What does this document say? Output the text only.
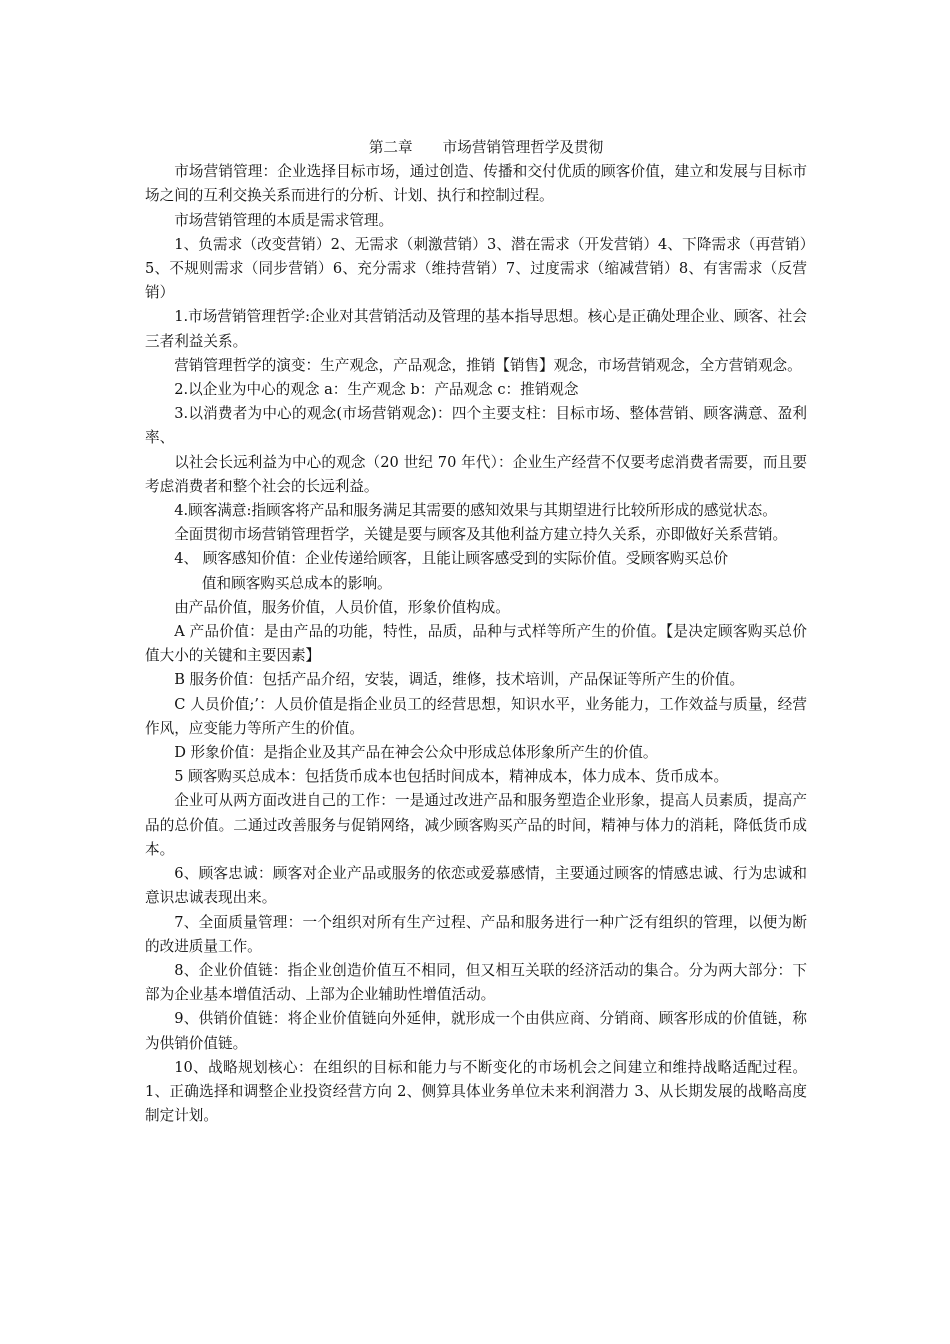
第二章 市场营销管理哲学及贯彻

市场营销管理：企业选择目标市场，通过创造、传播和交付优质的顾客价值，建立和发展与目标市场之间的互利交换关系而进行的分析、计划、执行和控制过程。

市场营销管理的本质是需求管理。

1、负需求（改变营销）2、无需求（刺激营销）3、潜在需求（开发营销）4、下降需求（再营销）5、不规则需求（同步营销）6、充分需求（维持营销）7、过度需求（缩减营销）8、有害需求（反营销）

1.市场营销管理哲学:企业对其营销活动及管理的基本指导思想。核心是正确处理企业、顾客、社会三者利益关系。

营销管理哲学的演变：生产观念，产品观念，推销【销售】观念，市场营销观念，全方营销观念。

2.以企业为中心的观念 a：生产观念 b：产品观念 c：推销观念

3.以消费者为中心的观念(市场营销观念)：四个主要支柱：目标市场、整体营销、顾客满意、盈利率、

以社会长远利益为中心的观念（20 世纪 70 年代）：企业生产经营不仅要考虑消费者需要，而且要考虑消费者和整个社会的长远利益。

4.顾客满意:指顾客将产品和服务满足其需要的感知效果与其期望进行比较所形成的感觉状态。

全面贯彻市场营销管理哲学，关键是要与顾客及其他利益方建立持久关系，亦即做好关系营销。

4、 顾客感知价值：企业传递给顾客，且能让顾客感受到的实际价值。受顾客购买总价
值和顾客购买总成本的影响。

由产品价值，服务价值，人员价值，形象价值构成。

A 产品价值：是由产品的功能，特性，品质，品种与式样等所产生的价值。【是决定顾客购买总价值大小的关键和主要因素】

B 服务价值：包括产品介绍，安装，调适，维修，技术培训，产品保证等所产生的价值。

C 人员价值;’：人员价值是指企业员工的经营思想，知识水平，业务能力，工作效益与质量，经营作风，应变能力等所产生的价值。

D 形象价值：是指企业及其产品在神会公众中形成总体形象所产生的价值。

5 顾客购买总成本：包括货币成本也包括时间成本，精神成本，体力成本、货币成本。

企业可从两方面改进自己的工作：一是通过改进产品和服务塑造企业形象，提高人员素质，提高产品的总价值。二通过改善服务与促销网络，减少顾客购买产品的时间，精神与体力的消耗，降低货币成本。

6、顾客忠诚：顾客对企业产品或服务的依恋或爱慕感情，主要通过顾客的情感忠诚、行为忠诚和意识忠诚表现出来。

7、全面质量管理：一个组织对所有生产过程、产品和服务进行一种广泛有组织的管理，以便为断的改进质量工作。

8、企业价值链：指企业创造价值互不相同，但又相互关联的经济活动的集合。分为两大部分：下部为企业基本增值活动、上部为企业辅助性增值活动。

9、供销价值链：将企业价值链向外延伸，就形成一个由供应商、分销商、顾客形成的价值链，称为供销价值链。

10、战略规划核心：在组织的目标和能力与不断变化的市场机会之间建立和维持战略适配过程。 1、正确选择和调整企业投资经营方向 2、侧算具体业务单位未来利润潜力 3、从长期发展的战略高度制定计划。
